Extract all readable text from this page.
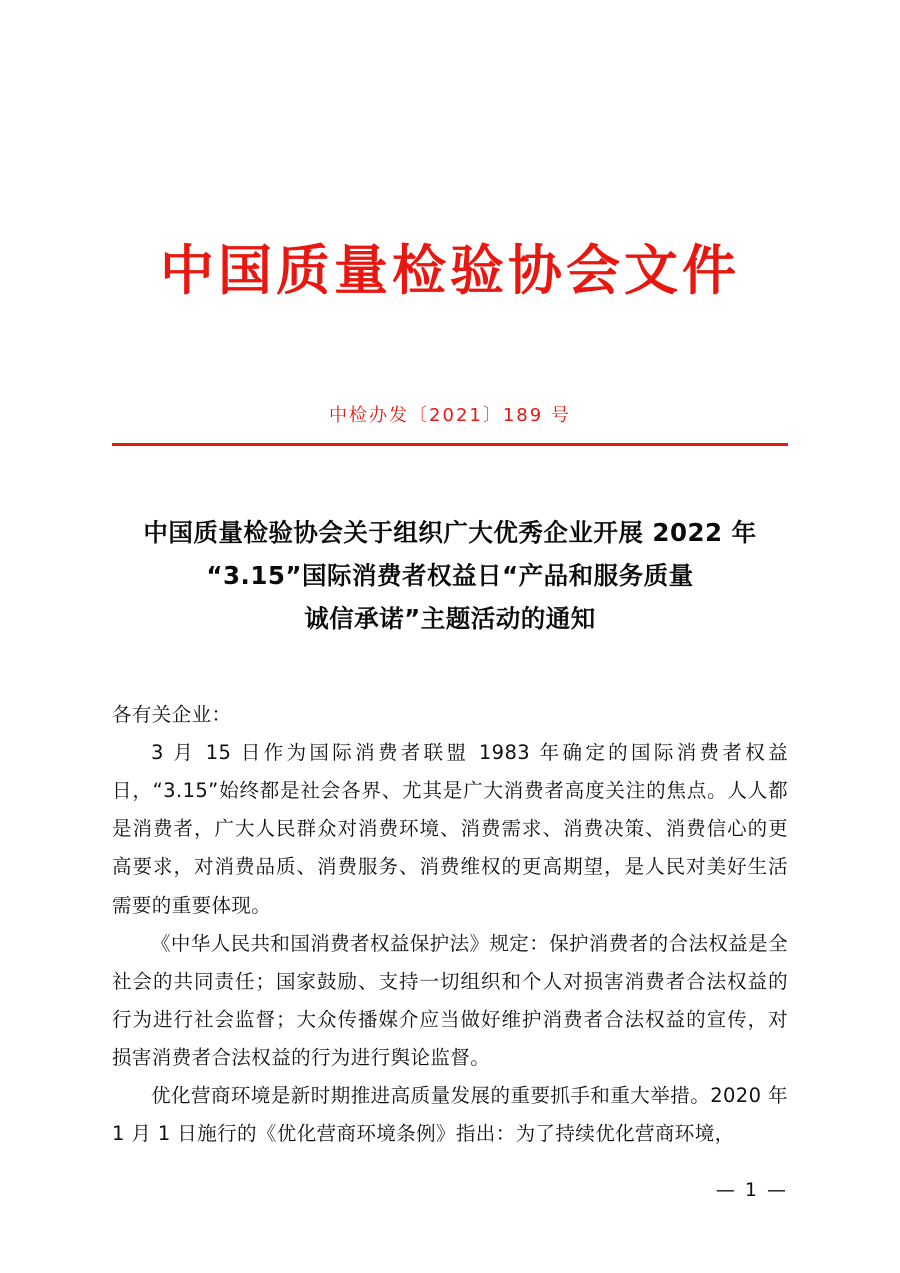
中国质量检验协会文件
中检办发〔2021〕189 号
中国质量检验协会关于组织广大优秀企业开展 2022 年
“3.15”国际消费者权益日“产品和服务质量
诚信承诺”主题活动的通知

各有关企业：

3 月 15 日作为国际消费者联盟 1983 年确定的国际消费者权益日，“3.15”始终都是社会各界、尤其是广大消费者高度关注的焦点。人人都是消费者，广大人民群众对消费环境、消费需求、消费决策、消费信心的更高要求，对消费品质、消费服务、消费维权的更高期望，是人民对美好生活需要的重要体现。

《中华人民共和国消费者权益保护法》规定：保护消费者的合法权益是全社会的共同责任；国家鼓励、支持一切组织和个人对损害消费者合法权益的行为进行社会监督；大众传播媒介应当做好维护消费者合法权益的宣传，对损害消费者合法权益的行为进行舆论监督。

优化营商环境是新时期推进高质量发展的重要抓手和重大举措。2020 年 1 月 1 日施行的《优化营商环境条例》指出：为了持续优化营商环境，

— 1 —
